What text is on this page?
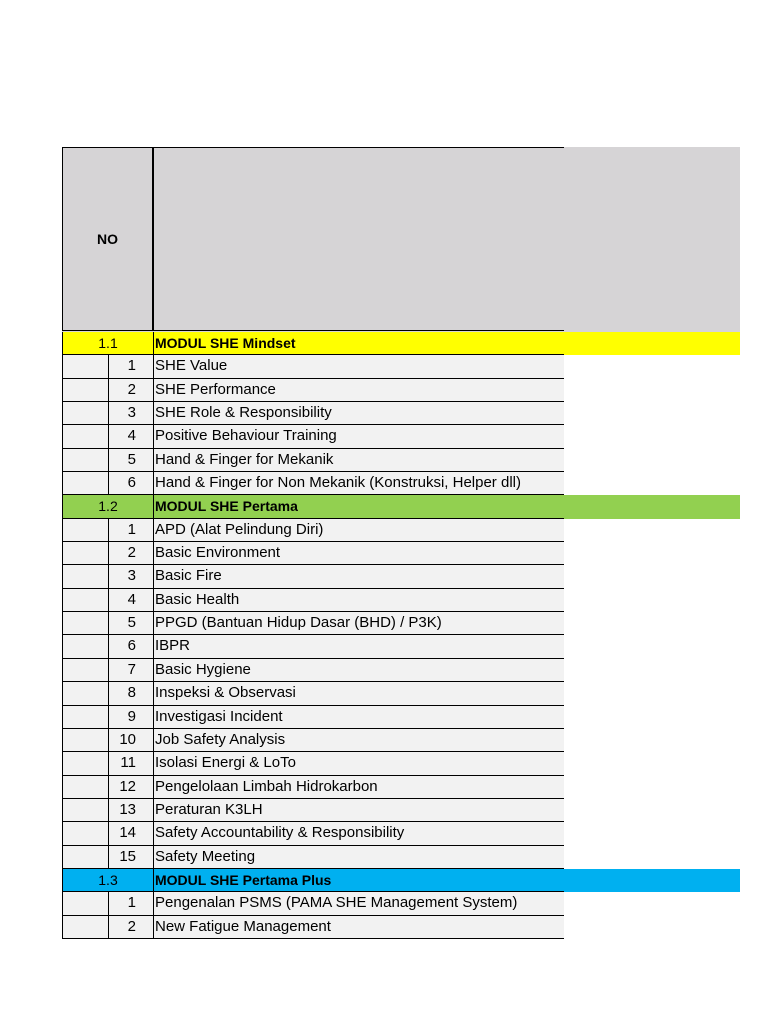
NO
1.1	MODUL SHE Mindset
1	SHE Value
2	SHE Performance
3	SHE Role & Responsibility
4	Positive Behaviour Training
5	Hand & Finger for Mekanik
6	Hand & Finger for Non Mekanik (Konstruksi, Helper dll)
1.2	MODUL SHE Pertama
1	APD (Alat Pelindung Diri)
2	Basic Environment
3	Basic Fire
4	Basic Health
5	PPGD (Bantuan Hidup Dasar (BHD) / P3K)
6	IBPR
7	Basic Hygiene
8	Inspeksi & Observasi
9	Investigasi Incident
10	Job Safety Analysis
11	Isolasi Energi & LoTo
12	Pengelolaan Limbah Hidrokarbon
13	Peraturan K3LH
14	Safety Accountability & Responsibility
15	Safety Meeting
1.3	MODUL SHE Pertama Plus
1	Pengenalan PSMS (PAMA SHE Management System)
2	New Fatigue Management
